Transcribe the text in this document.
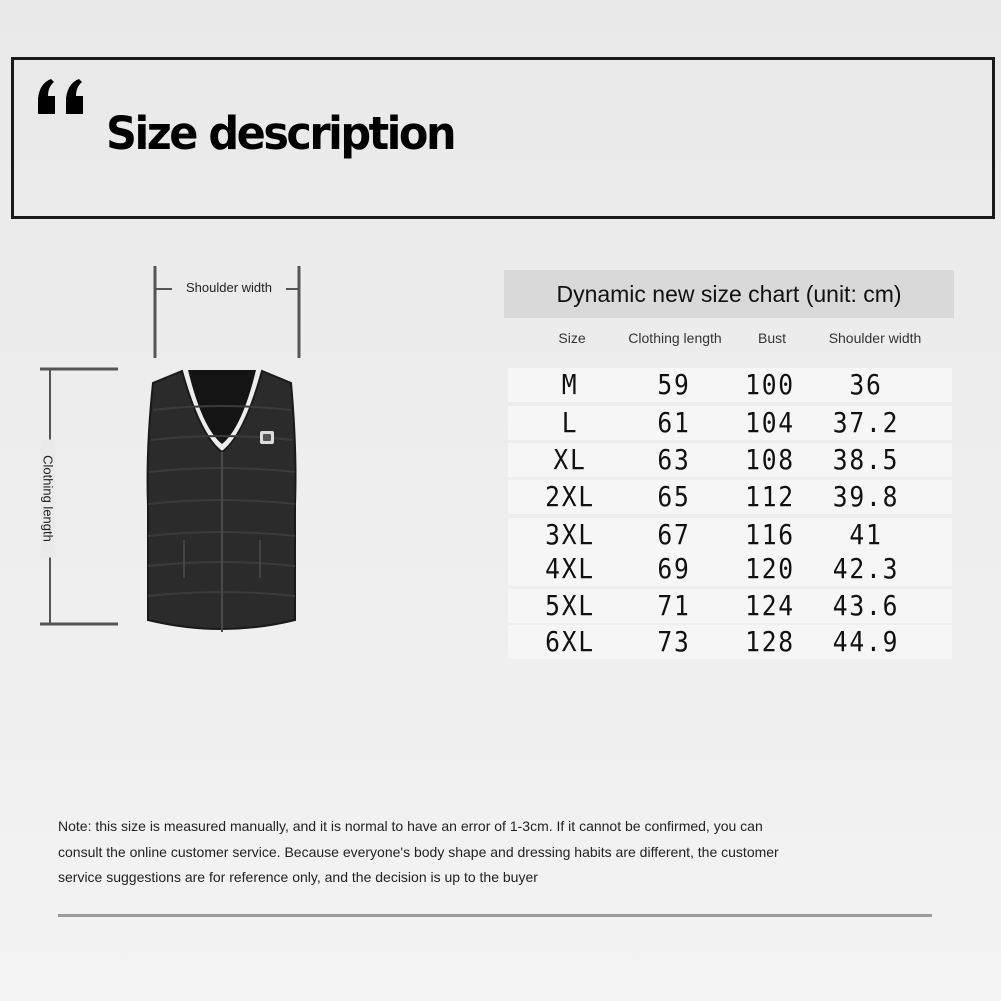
Size description
Shoulder width
Clothing length
Dynamic new size chart (unit: cm)
Size	Clothing length	Bust	Shoulder width
M	59 100 36
L	61 104 37.2
XL	63 108 38.5
2XL 65 112 39.8
3XL 67 116 41
4XL 69 120 42.3
5XL 71 124 43.6
6XL 73 128 44.9

Note: this size is measured manually, and it is normal to have an error of 1-3cm. If it cannot be confirmed, you can consult the online customer service. Because everyone's body shape and dressing habits are different, the customer service suggestions are for reference only, and the decision is up to the buyer
